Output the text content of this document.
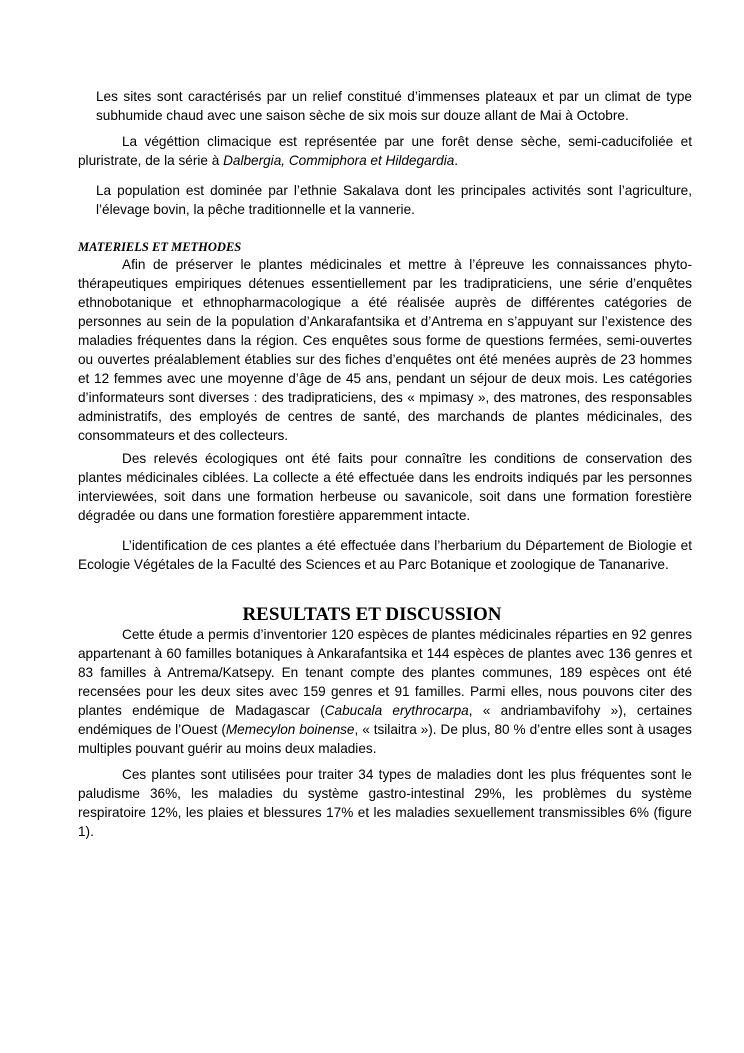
Les sites sont caractérisés par un relief constitué d’immenses plateaux et par un climat de type subhumide chaud avec une saison sèche de six mois sur douze allant de Mai à Octobre.

La végéttion climacique est représentée par une forêt dense sèche, semi-caducifoliée et pluristrate, de la série à Dalbergia, Commiphora et Hildegardia.

La population est dominée par l’ethnie Sakalava dont les principales activités sont l’agriculture, l’élevage bovin, la pêche traditionnelle et la vannerie.

MATERIELS ET METHODES

Afin de préserver le plantes médicinales et mettre à l’épreuve les connaissances phyto-thérapeutiques empiriques détenues essentiellement par les tradipraticiens, une série d’enquêtes ethnobotanique et ethnopharmacologique a été réalisée auprès de différentes catégories de personnes au sein de la population d’Ankarafantsika et d’Antrema en s’appuyant sur l’existence des maladies fréquentes dans la région. Ces enquêtes sous forme de questions fermées, semi-ouvertes ou ouvertes préalablement établies sur des fiches d’enquêtes ont été menées auprès de 23 hommes et 12 femmes avec une moyenne d’âge de 45 ans, pendant un séjour de deux mois. Les catégories d’informateurs sont diverses : des tradipraticiens, des « mpimasy », des matrones, des responsables administratifs, des employés de centres de santé, des marchands de plantes médicinales, des consommateurs et des collecteurs.

Des relevés écologiques ont été faits pour connaître les conditions de conservation des plantes médicinales ciblées. La collecte a été effectuée dans les endroits indiqués par les personnes interviewées, soit dans une formation herbeuse ou savanicole, soit dans une formation forestière dégradée ou dans une formation forestière apparemment intacte.

L’identification de ces plantes a été effectuée dans l’herbarium du Département de Biologie et Ecologie Végétales de la Faculté des Sciences et au Parc Botanique et zoologique de Tananarive.

RESULTATS ET DISCUSSION

Cette étude a permis d’inventorier 120 espèces de plantes médicinales réparties en 92 genres appartenant à 60 familles botaniques à Ankarafantsika et 144 espèces de plantes avec 136 genres et 83 familles à Antrema/Katsepy. En tenant compte des plantes communes, 189 espèces ont été recensées pour les deux sites avec 159 genres et 91 familles. Parmi elles, nous pouvons citer des plantes endémique de Madagascar (Cabucala erythrocarpa, « andriambavifohy »), certaines endémiques de l’Ouest (Memecylon boinense, « tsilaitra »). De plus, 80 % d’entre elles sont à usages multiples pouvant guérir au moins deux maladies.

Ces plantes sont utilisées pour traiter 34 types de maladies dont les plus fréquentes sont le paludisme 36%, les maladies du système gastro-intestinal 29%, les problèmes du système respiratoire 12%, les plaies et blessures 17% et les maladies sexuellement transmissibles 6% (figure 1).
